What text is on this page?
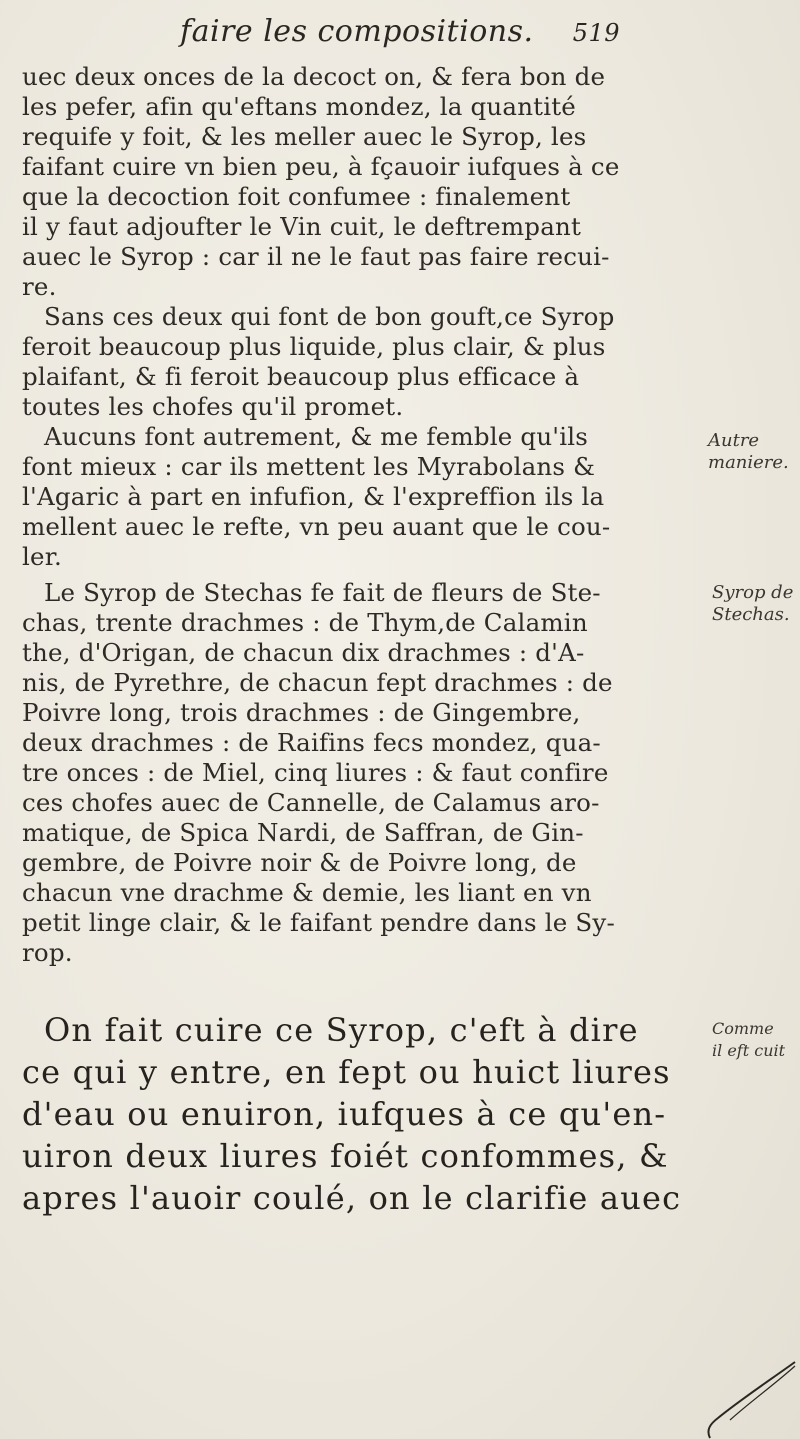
faire les compositions. 519
uec deux onces de la decoct on, & fera bon de
les pefer, afin qu'eftans mondez, la quantité
requife y foit, & les meller auec le Syrop, les
faifant cuire vn bien peu, à fçauoir iufques à ce
que la decoction foit confumee : finalement
il y faut adjoufter le Vin cuit, le deftrempant
auec le Syrop : car il ne le faut pas faire recui-
re.
Sans ces deux qui font de bon gouft,ce Syrop
feroit beaucoup plus liquide, plus clair, & plus
plaifant, & fi feroit beaucoup plus efficace à
toutes les chofes qu'il promet.
Aucuns font autrement, & me femble qu'ils
font mieux : car ils mettent les Myrabolans &
l'Agaric à part en infufion, & l'expreffion ils la
mellent auec le refte, vn peu auant que le cou-
ler.
Le Syrop de Stechas fe fait de fleurs de Ste-
chas, trente drachmes : de Thym,de Calamin
the, d'Origan, de chacun dix drachmes : d'A-
nis, de Pyrethre, de chacun fept drachmes : de
Poivre long, trois drachmes : de Gingembre,
deux drachmes : de Raifins fecs mondez, qua-
tre onces : de Miel, cinq liures : & faut confire
ces chofes auec de Cannelle, de Calamus aro-
matique, de Spica Nardi, de Saffran, de Gin-
gembre, de Poivre noir & de Poivre long, de
chacun vne drachme & demie, les liant en vn
petit linge clair, & le faifant pendre dans le Sy-
rop.
On fait cuire ce Syrop, c'eft à dire
ce qui y entre, en fept ou huict liures
d'eau ou enuiron, iufques à ce qu'en-
uiron deux liures foiét confommes, &
apres l'auoir coulé, on le clarifie auec
Autre
maniere.
Syrop de
Stechas.
Comme
il eft cuit
